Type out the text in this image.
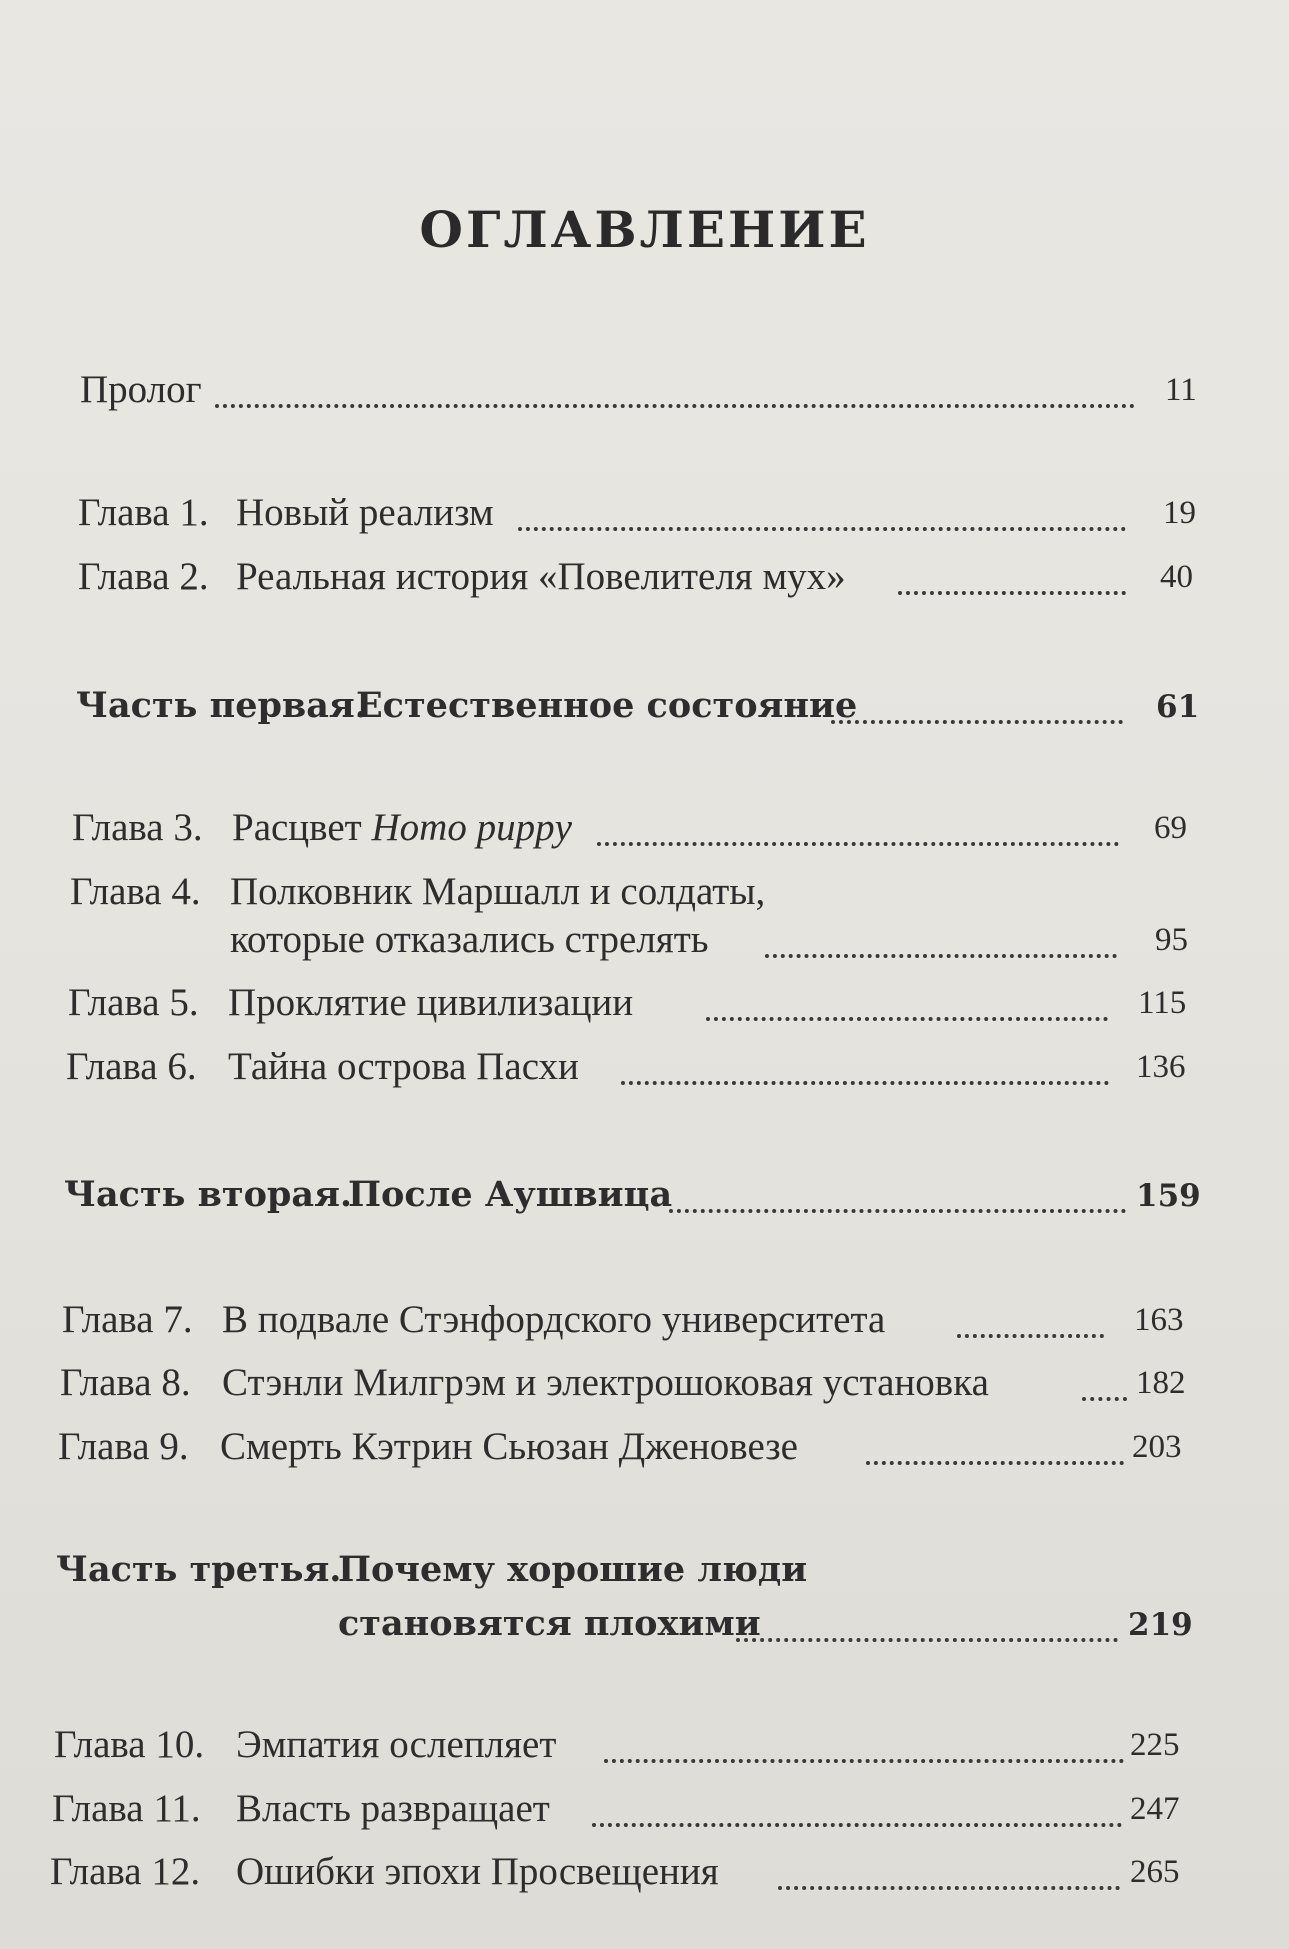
ОГЛАВЛЕНИЕ
Пролог	11
Глава 1. Новый реализм	19
Глава 2. Реальная история «Повелителя мух»	40
Часть первая.
Естественное состояние	61
Глава 3. Расцвет Homo puppy	69
Глава 4. Полковник Маршалл и солдаты,
которые отказались стрелять	95
Глава 5. Проклятие цивилизации	115
Глава 6. Тайна острова Пасхи	136
Часть вторая.
После Аушвица	159
Глава 7. В подвале Стэнфордского университета	163
Глава 8. Стэнли Милгрэм и электрошоковая установка	182
Глава 9. Смерть Кэтрин Сьюзан Дженовезе	203
Часть третья.
Почему хорошие люди
становятся плохими	219
Глава 10. Эмпатия ослепляет	225
Глава 11. Власть развращает	247
Глава 12. Ошибки эпохи Просвещения	265
